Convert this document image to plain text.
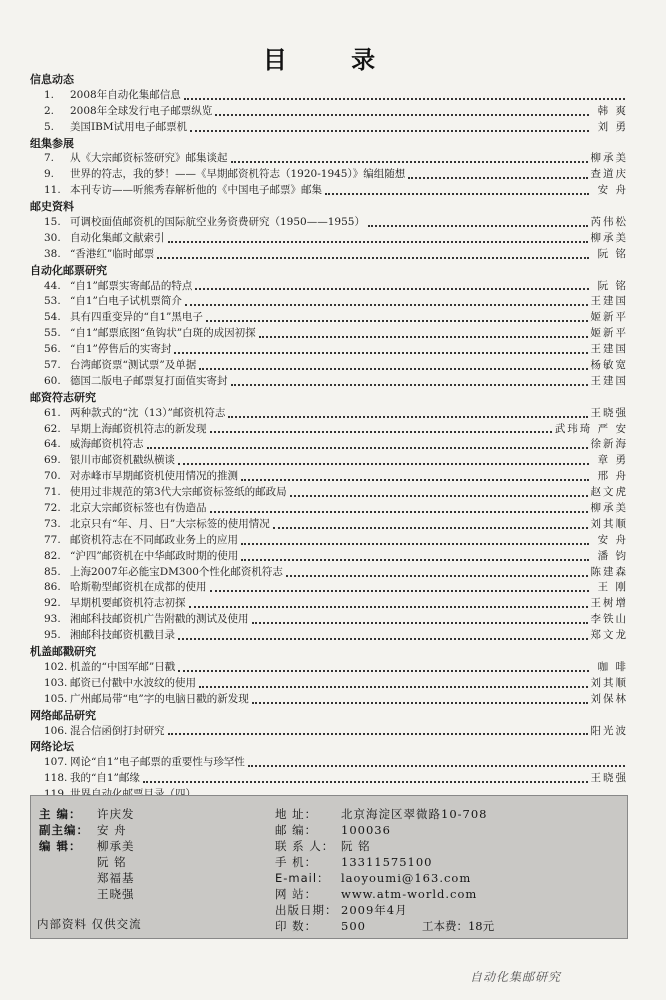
目 录
信息动态
1.	2008年自动化集邮信息
2.	2008年全球发行电子邮票纵览	韩 爽
5.	美国IBM试用电子邮票机	刘 勇
组集参展
7.	从《大宗邮资标签研究》邮集谈起	柳承美
9.	世界的符志，我的梦！——《早期邮资机符志（1920-1945）》编组随想	查道庆
11. 本刊专访——听熊秀春解析他的《中国电子邮票》邮集	安 舟
邮史资料
15. 可调校面值邮资机的国际航空业务资费研究（1950——1955）	芮伟松
30. 自动化集邮文献索引	柳承美
38. “香港红”临时邮票	阮 铭
自动化邮票研究
44. “自1”邮票实寄邮品的特点	阮 铭
53. “自1”白电子试机票简介	王建国
54. 具有四重变异的“自1”黑电子	姬新平
55. “自1”邮票底图“鱼钩状”白斑的成因初探	姬新平
56. “自1”停售后的实寄封	王建国
57. 台湾邮资票“测试票”及单据	杨敏宽
60. 德国二版电子邮票复打面值实寄封	王建国
邮资符志研究
61. 两种款式的“沈（13）”邮资机符志	王晓强
62. 早期上海邮资机符志的新发现	武玮琦 严 安
64. 威海邮资机符志	徐新海
69. 银川市邮资机戳纵横谈	章 勇
70. 对赤峰市早期邮资机使用情况的推测	邢 舟
71. 使用过非规范的第3代大宗邮资标签纸的邮政局	赵文虎
72. 北京大宗邮资标签也有伪造品	柳承美
73. 北京只有“年、月、日”大宗标签的使用情况	刘其顺
77. 邮资机符志在不同邮政业务上的应用	安 舟
82. “沪四”邮资机在中华邮政时期的使用	潘 钧
85. 上海2007年必能宝DM300个性化邮资机符志	陈建森
86. 哈斯勒型邮资机在成都的使用	王 刚
92. 早期机要邮资机符志初探	王树增
93. 湘邮科技邮资机广告附戳的测试及使用	李铁山
95. 湘邮科技邮资机戳目录	郑文龙
机盖邮戳研究
102. 机盖的“中国军邮”日戳	咖 啡
103. 邮资已付戳中水波纹的使用	刘其顺
105. 广州邮局带“电”字的电脑日戳的新发现	刘保林
网络邮品研究
106. 混合信函倒打封研究	阳光波
网络论坛
107. 网论“自1”电子邮票的重要性与珍罕性
118. 我的“自1”邮缘	王晓强
主 编： 许庆发
副主编： 安 舟
编 辑： 柳承美
阮 铭
郑福基
王晓强
地 址： 北京海淀区翠微路10-708
邮 编： 100036
联 系 人： 阮 铭
手 机： 13311575100
E-mail： laoyoumi@163.com
网 站： www.atm-world.com
出版日期： 2009年4月
印 数： 500	工本费：18元
内部资料 仅供交流
自动化集邮研究
